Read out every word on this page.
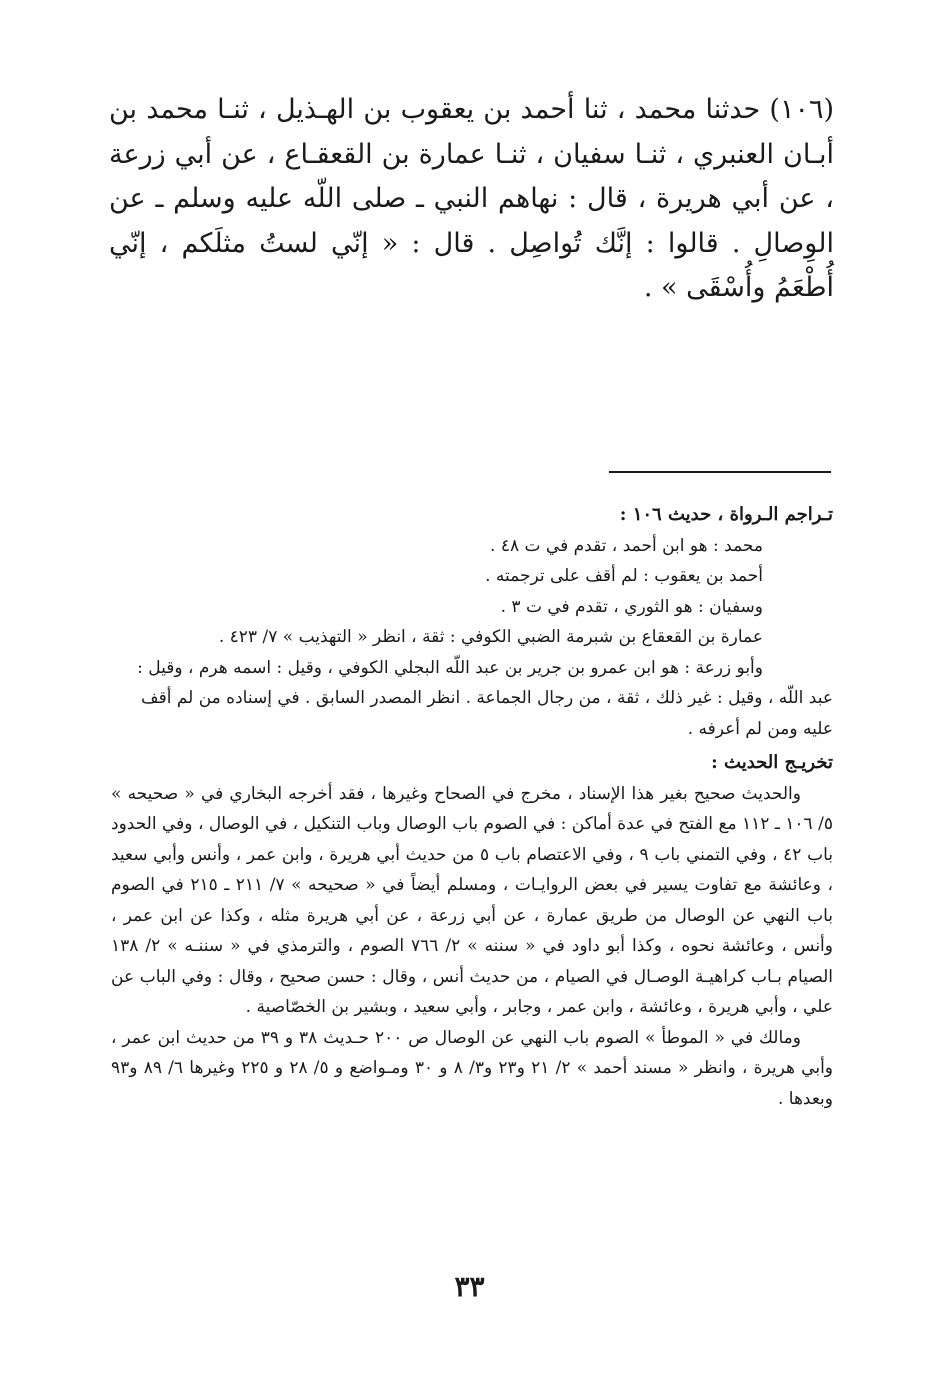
(١٠٦) حدثنا محمد ، ثنا أحمد بن يعقوب بن الهـذيل ، ثنـا محمد بن أبـان العنبري ، ثنـا سفيان ، ثنـا عمارة بن القعقـاع ، عن أبي زرعة ، عن أبي هريرة ، قال : نهاهم النبي ـ صلى اللّه عليه وسلم ـ عن الوِصالِ . قالوا : إنَّك تُواصِل . قال : « إنّي لستُ مثلَكم ، إنّي أُطْعَمُ وأُسْقَى » .

تـراجم الـرواة ، حديث ١٠٦ :

محمد : هو ابن أحمد ، تقدم في ت ٤٨ .

أحمد بن يعقوب : لم أقف على ترجمته .

وسفيان : هو الثوري ، تقدم في ت ٣ .

عمارة بن القعقاع بن شبرمة الضبي الكوفي : ثقة ، انظر « التهذيب » ٧/ ٤٢٣ .

وأبو زرعة : هو ابن عمرو بن جرير بن عبد اللّه البجلي الكوفي ، وقيل : اسمه هرم ، وقيل :
عبد اللّه ، وقيل : غير ذلك ، ثقة ، من رجال الجماعة . انظر المصدر السابق . في إسناده من لم أقف عليه ومن لم أعرفه .

تخريـج الحديث :

والحديث صحيح بغير هذا الإسناد ، مخرج في الصحاح وغيرها ، فقد أخرجه البخاري في « صحيحه » ٥/ ١٠٦ ـ ١١٢ مع الفتح في عدة أماكن : في الصوم باب الوصال وباب التنكيل ، في الوصال ، وفي الحدود باب ٤٢ ، وفي التمني باب ٩ ، وفي الاعتصام باب ٥ من حديث أبي هريرة ، وابن عمر ، وأنس وأبي سعيد ، وعائشة مع تفاوت يسير في بعض الروايـات ، ومسلم أيضاً في « صحيحه » ٧/ ٢١١ ـ ٢١٥ في الصوم باب النهي عن الوصال من طريق عمارة ، عن أبي زرعة ، عن أبي هريرة مثله ، وكذا عن ابن عمر ، وأنس ، وعائشة نحوه ، وكذا أبو داود في « سننه » ٢/ ٧٦٦ الصوم ، والترمذي في « سننـه » ٢/ ١٣٨ الصيام بـاب كراهيـة الوصـال في الصيام ، من حديث أنس ، وقال : حسن صحيح ، وقال : وفي الباب عن علي ، وأبي هريرة ، وعائشة ، وابن عمر ، وجابر ، وأبي سعيد ، وبشير بن الخصّاصية .

ومالك في « الموطأ » الصوم باب النهي عن الوصال ص ٢٠٠ حـديث ٣٨ و ٣٩ من حديث ابن عمر ، وأبي هريرة ، وانظر « مسند أحمد » ٢/ ٢١ و٢٣ و٣/ ٨ و ٣٠ ومـواضع و ٥/ ٢٨ و ٢٢٥ وغيرها ٦/ ٨٩ و٩٣ وبعدها .

٣٣
